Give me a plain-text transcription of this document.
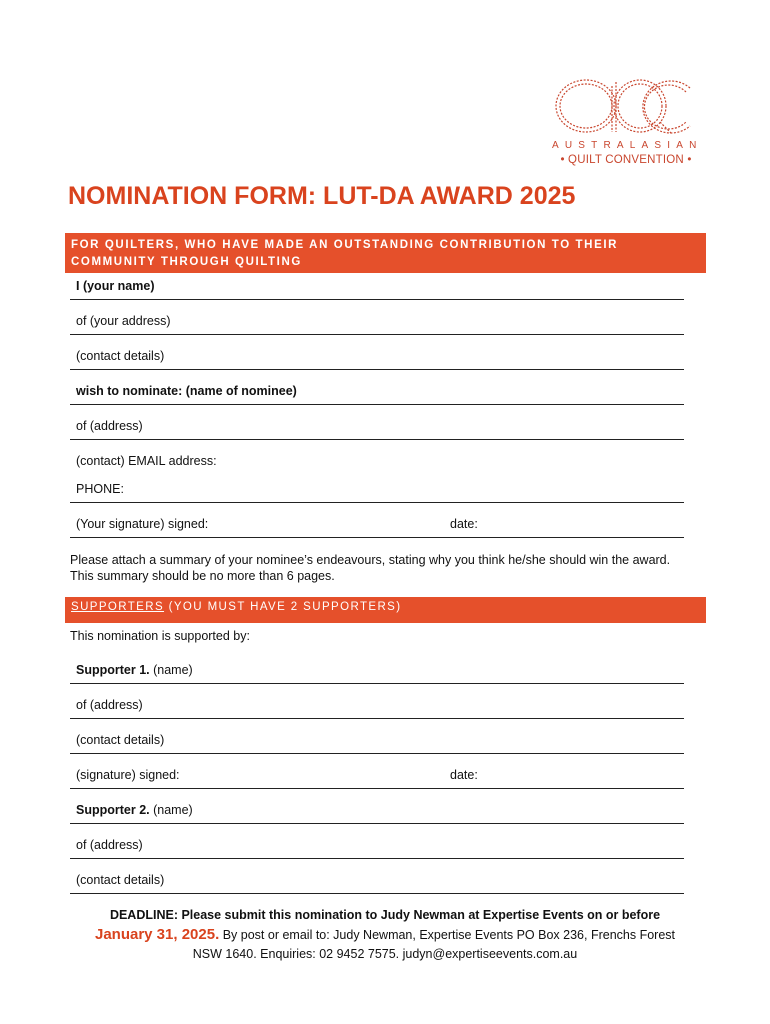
AUSTRALASIAN
• QUILT CONVENTION •
NOMINATION FORM: LUT-DA AWARD 2025
FOR QUILTERS, WHO HAVE MADE AN OUTSTANDING CONTRIBUTION TO THEIR COMMUNITY THROUGH QUILTING
I (your name)
of (your address)
(contact details)
wish to nominate: (name of nominee)
of (address)
(contact) EMAIL address:
PHONE:
(Your signature) signed:	date:
Please attach a summary of your nominee’s endeavours, stating why you think he/she should win the award.
This summary should be no more than 6 pages.
SUPPORTERS (YOU MUST HAVE 2 SUPPORTERS)
This nomination is supported by:
Supporter 1. (name)
of (address)
(contact details)
(signature) signed:	date:
Supporter 2. (name)
of (address)
(contact details)
DEADLINE: Please submit this nomination to Judy Newman at Expertise Events on or before
January 31, 2025. By post or email to: Judy Newman, Expertise Events PO Box 236, Frenchs Forest
NSW 1640. Enquiries: 02 9452 7575. judyn@expertiseevents.com.au
